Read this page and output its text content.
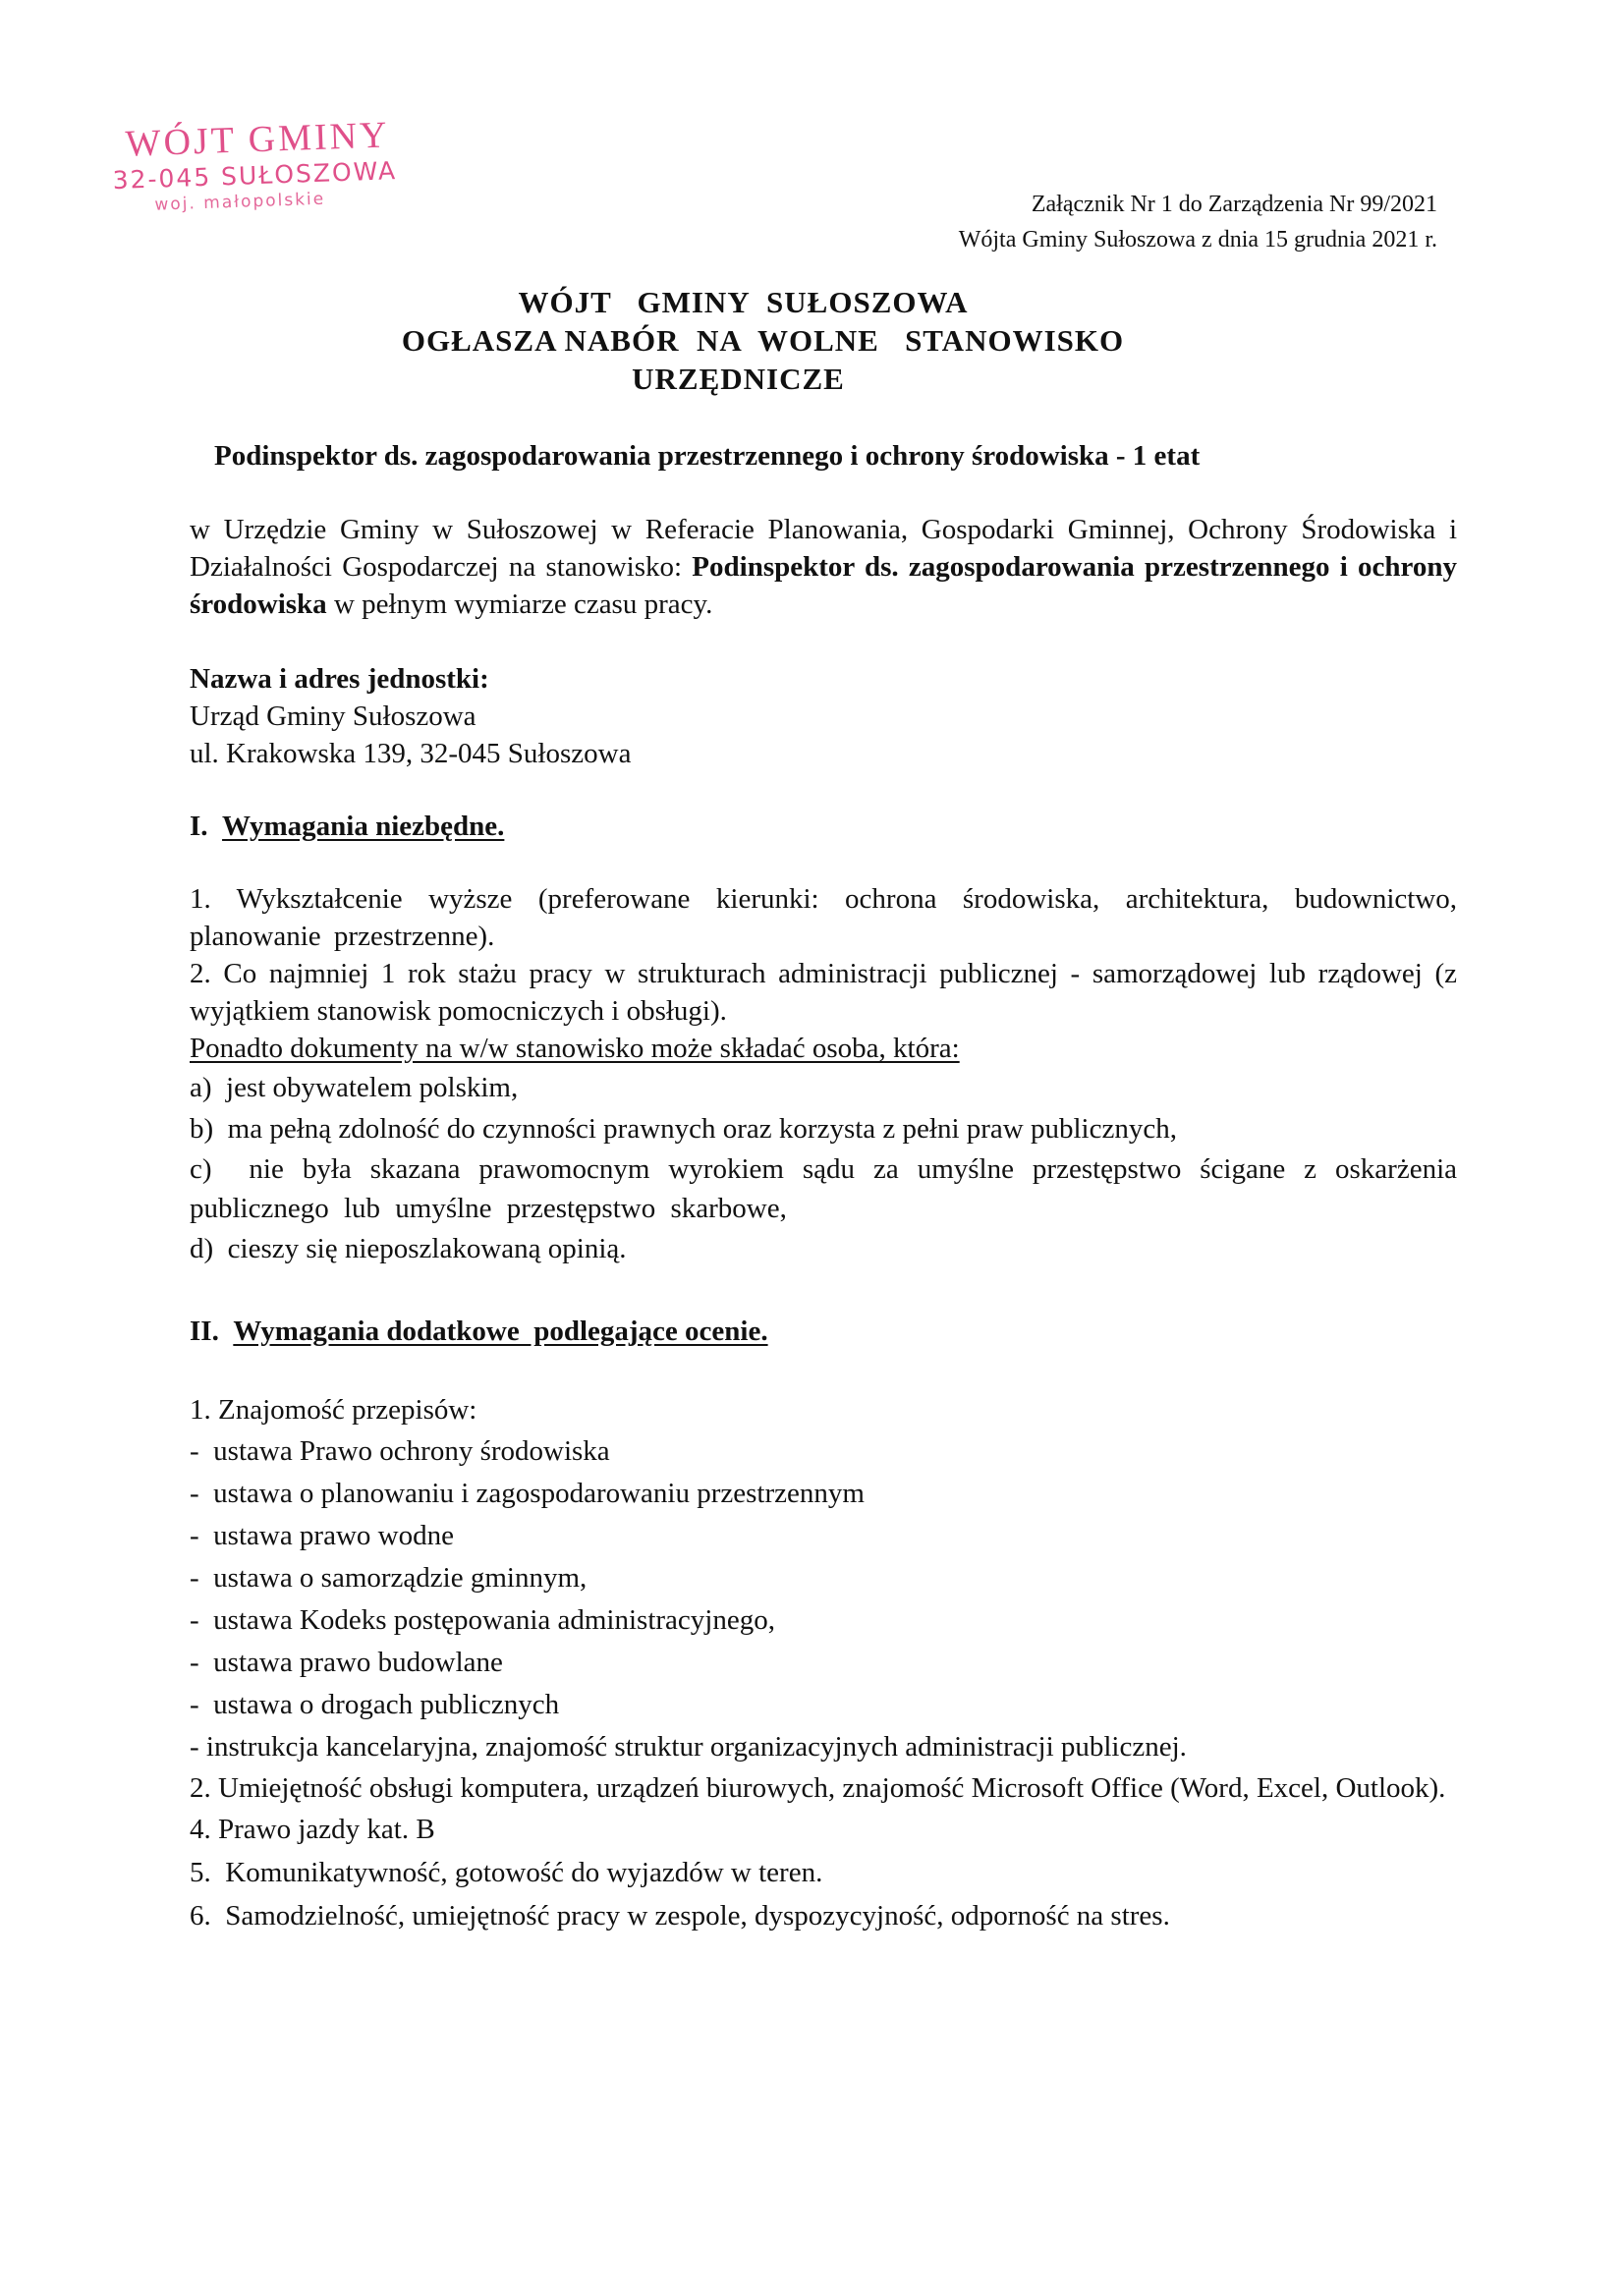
WÓJT GMINY
32-045 SUŁOSZOWA
woj. małopolskie	Załącznik Nr 1 do Zarządzenia Nr 99/2021
Wójta Gminy Sułoszowa z dnia 15 grudnia 2021 r.
WÓJT   GMINY  SUŁOSZOWA
OGŁASZA NABÓR  NA  WOLNE   STANOWISKO
URZĘDNICZE
Podinspektor ds. zagospodarowania przestrzennego i ochrony środowiska - 1 etat

w Urzędzie Gminy w Sułoszowej w Referacie Planowania, Gospodarki Gminnej, Ochrony Środowiska i Działalności Gospodarczej na stanowisko: Podinspektor ds. zagospodarowania przestrzennego i ochrony środowiska w pełnym wymiarze czasu pracy.

Nazwa i adres jednostki:
Urząd Gminy Sułoszowa
ul. Krakowska 139, 32-045 Sułoszowa

I. Wymagania niezbędne.

1. Wykształcenie wyższe (preferowane kierunki: ochrona środowiska, architektura, budownictwo, planowanie przestrzenne).

2. Co najmniej 1 rok stażu pracy w strukturach administracji publicznej - samorządowej lub rządowej (z wyjątkiem stanowisk pomocniczych i obsługi).

Ponadto dokumenty na w/w stanowisko może składać osoba, która:

a)  jest obywatelem polskim,
b)  ma pełną zdolność do czynności prawnych oraz korzysta z pełni praw publicznych,
c)  nie była skazana prawomocnym wyrokiem sądu za umyślne przestępstwo ścigane z oskarżenia publicznego lub umyślne przestępstwo skarbowe,
d)  cieszy się nieposzlakowaną opinią.

II. Wymagania dodatkowe  podlegające ocenie.

1. Znajomość przepisów:
-  ustawa Prawo ochrony środowiska
-  ustawa o planowaniu i zagospodarowaniu przestrzennym
-  ustawa prawo wodne
-  ustawa o samorządzie gminnym,
-  ustawa Kodeks postępowania administracyjnego,
-  ustawa prawo budowlane
-  ustawa o drogach publicznych
- instrukcja kancelaryjna, znajomość struktur organizacyjnych administracji publicznej.
2. Umiejętność obsługi komputera, urządzeń biurowych, znajomość Microsoft Office (Word, Excel, Outlook).
4. Prawo jazdy kat. B
5.  Komunikatywność, gotowość do wyjazdów w teren.
6.  Samodzielność, umiejętność pracy w zespole, dyspozycyjność, odporność na stres.
